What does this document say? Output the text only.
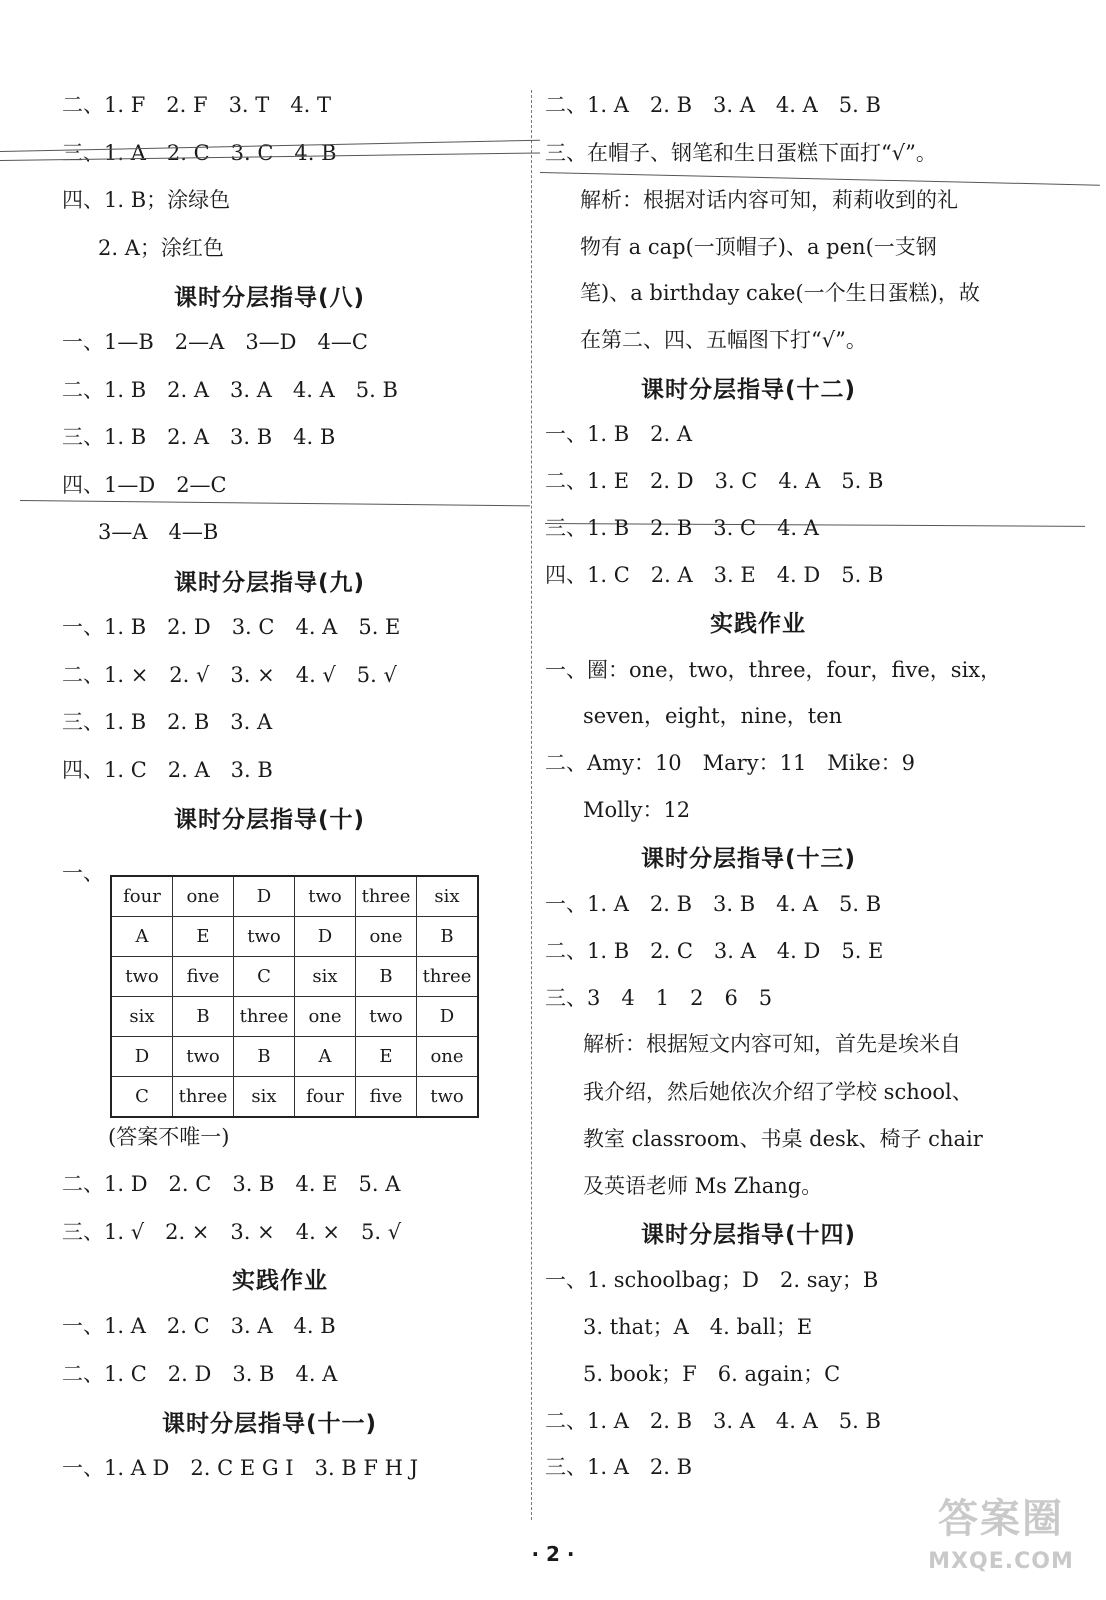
二、1. F　2. F　3. T　4. T
三、1. A　2. C　3. C　4. B
四、1. B；涂绿色
2. A；涂红色
课时分层指导(八)
一、1—B　2—A　3—D　4—C
二、1. B　2. A　3. A　4. A　5. B
三、1. B　2. A　3. B　4. B
四、1—D　2—C
3—A　4—B
课时分层指导(九)
一、1. B　2. D　3. C　4. A　5. E
二、1. ×　2. √　3. ×　4. √　5. √
三、1. B　2. B　3. A
四、1. C　2. A　3. B
课时分层指导(十)
一、
four	one	D	two	three	six
A	E	two	D	one	B
two	five	C	six	B	three
six	B	three	one	two	D
D	two	B	A	E	one
C	three	six	four	five	two
(答案不唯一)
二、1. D　2. C　3. B　4. E　5. A
三、1. √　2. ×　3. ×　4. ×　5. √
实践作业
一、1. A　2. C　3. A　4. B
二、1. C　2. D　3. B　4. A
课时分层指导(十一)
一、1. A D　2. C E G I　3. B F H J
二、1. A　2. B　3. A　4. A　5. B
三、在帽子、钢笔和生日蛋糕下面打“√”。
解析：根据对话内容可知，莉莉收到的礼
物有 a cap(一顶帽子)、a pen(一支钢
笔)、a birthday cake(一个生日蛋糕)，故
在第二、四、五幅图下打“√”。
课时分层指导(十二)
一、1. B　2. A
二、1. E　2. D　3. C　4. A　5. B
三、1. B　2. B　3. C　4. A
四、1. C　2. A　3. E　4. D　5. B
实践作业
一、圈：one，two，three，four，five，six，
seven，eight，nine，ten
二、Amy：10　Mary：11　Mike：9
Molly：12
课时分层指导(十三)
一、1. A　2. B　3. B　4. A　5. B
二、1. B　2. C　3. A　4. D　5. E
三、3　4　1　2　6　5
解析：根据短文内容可知，首先是埃米自
我介绍，然后她依次介绍了学校 school、
教室 classroom、书桌 desk、椅子 chair
及英语老师 Ms Zhang。
课时分层指导(十四)
一、1. schoolbag；D　2. say；B
3. that；A　4. ball；E
5. book；F　6. again；C
二、1. A　2. B　3. A　4. A　5. B
三、1. A　2. B
· 2 ·
答案圈
MXQE.COM
